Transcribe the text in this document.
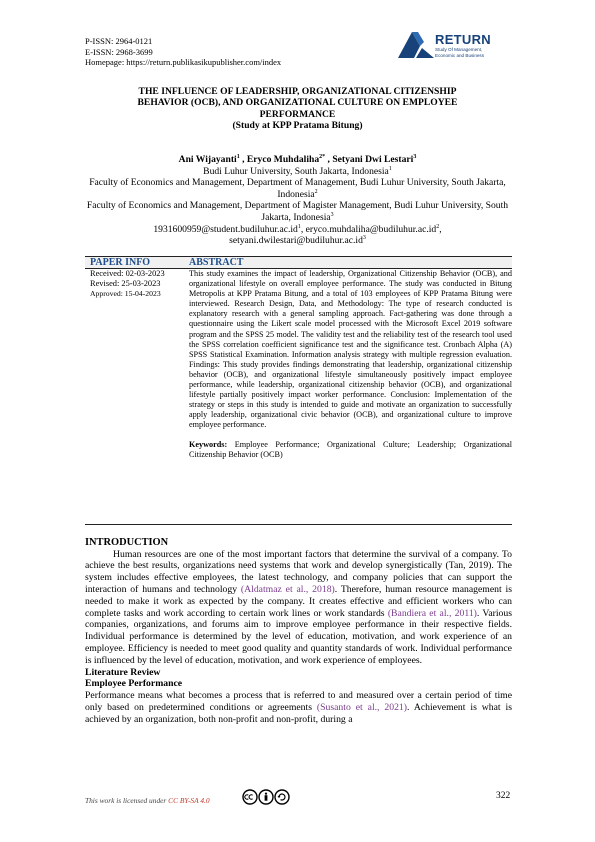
P-ISSN: 2964-0121
E-ISSN: 2968-3699
Homepage: https://return.publikasikupublisher.com/index
RETURN
Study Of Management,
Economic and Business
THE INFLUENCE OF LEADERSHIP, ORGANIZATIONAL CITIZENSHIP
BEHAVIOR (OCB), AND ORGANIZATIONAL CULTURE ON EMPLOYEE
PERFORMANCE
(Study at KPP Pratama Bitung)
Ani Wijayanti$^1$ , Eryco Muhdaliha$^{2*}$ , Setyani Dwi Lestari$^3$
Budi Luhur University, South Jakarta, Indonesia$^1$
Faculty of Economics and Management, Department of Management, Budi Luhur University, South Jakarta, Indonesia$^2$
Faculty of Economics and Management, Department of Magister Management, Budi Luhur University, South Jakarta, Indonesia$^3$
$1931600959@student.budiluhur.ac.id^1$, $eryco.muhdaliha@budiluhur.ac.id^2$,
$setyani.dwilestari@budiluhur.ac.id^3$
PAPER INFO	ABSTRACT
Received: 02-03-2023
Revised: 25-03-2023
Approved: 15-04-2023
This study examines the impact of leadership, Organizational Citizenship Behavior (OCB), and organizational lifestyle on overall employee performance. The study was conducted in Bitung Metropolis at KPP Pratama Bitung, and a total of 103 employees of KPP Pratama Bitung were interviewed. Research Design, Data, and Methodology: The type of research conducted is explanatory research with a general sampling approach. Fact-gathering was done through a questionnaire using the Likert scale model processed with the Microsoft Excel 2019 software program and the SPSS 25 model. The validity test and the reliability test of the research tool used the SPSS correlation coefficient significance test and the significance test. Cronbach Alpha (A) SPSS Statistical Examination. Information analysis strategy with multiple regression evaluation. Findings: This study provides findings demonstrating that leadership, organizational citizenship behavior (OCB), and organizational lifestyle simultaneously positively impact employee performance, while leadership, organizational citizenship behavior (OCB), and organizational lifestyle partially positively impact worker performance. Conclusion: Implementation of the strategy or steps in this study is intended to guide and motivate an organization to successfully apply leadership, organizational civic behavior (OCB), and organizational culture to improve employee performance.
Keywords: Employee Performance; Organizational Culture; Leadership; Organizational Citizenship Behavior (OCB)
INTRODUCTION

Human resources are one of the most important factors that determine the survival of a company. To achieve the best results, organizations need systems that work and develop synergistically (Tan, 2019). The system includes effective employees, the latest technology, and company policies that can support the interaction of humans and technology (Aldatmaz et al., 2018). Therefore, human resource management is needed to make it work as expected by the company. It creates effective and efficient workers who can complete tasks and work according to certain work lines or work standards (Bandiera et al., 2011). Various companies, organizations, and forums aim to improve employee performance in their respective fields. Individual performance is determined by the level of education, motivation, and work experience of an employee. Efficiency is needed to meet good quality and quantity standards of work. Individual performance is influenced by the level of education, motivation, and work experience of employees.

Literature Review
Employee Performance

Performance means what becomes a process that is referred to and measured over a certain period of time only based on predetermined conditions or agreements (Susanto et al., 2021). Achievement is what is achieved by an organization, both non-profit and non-profit, during a

This work is licensed under CC BY-SA 4.0	322
